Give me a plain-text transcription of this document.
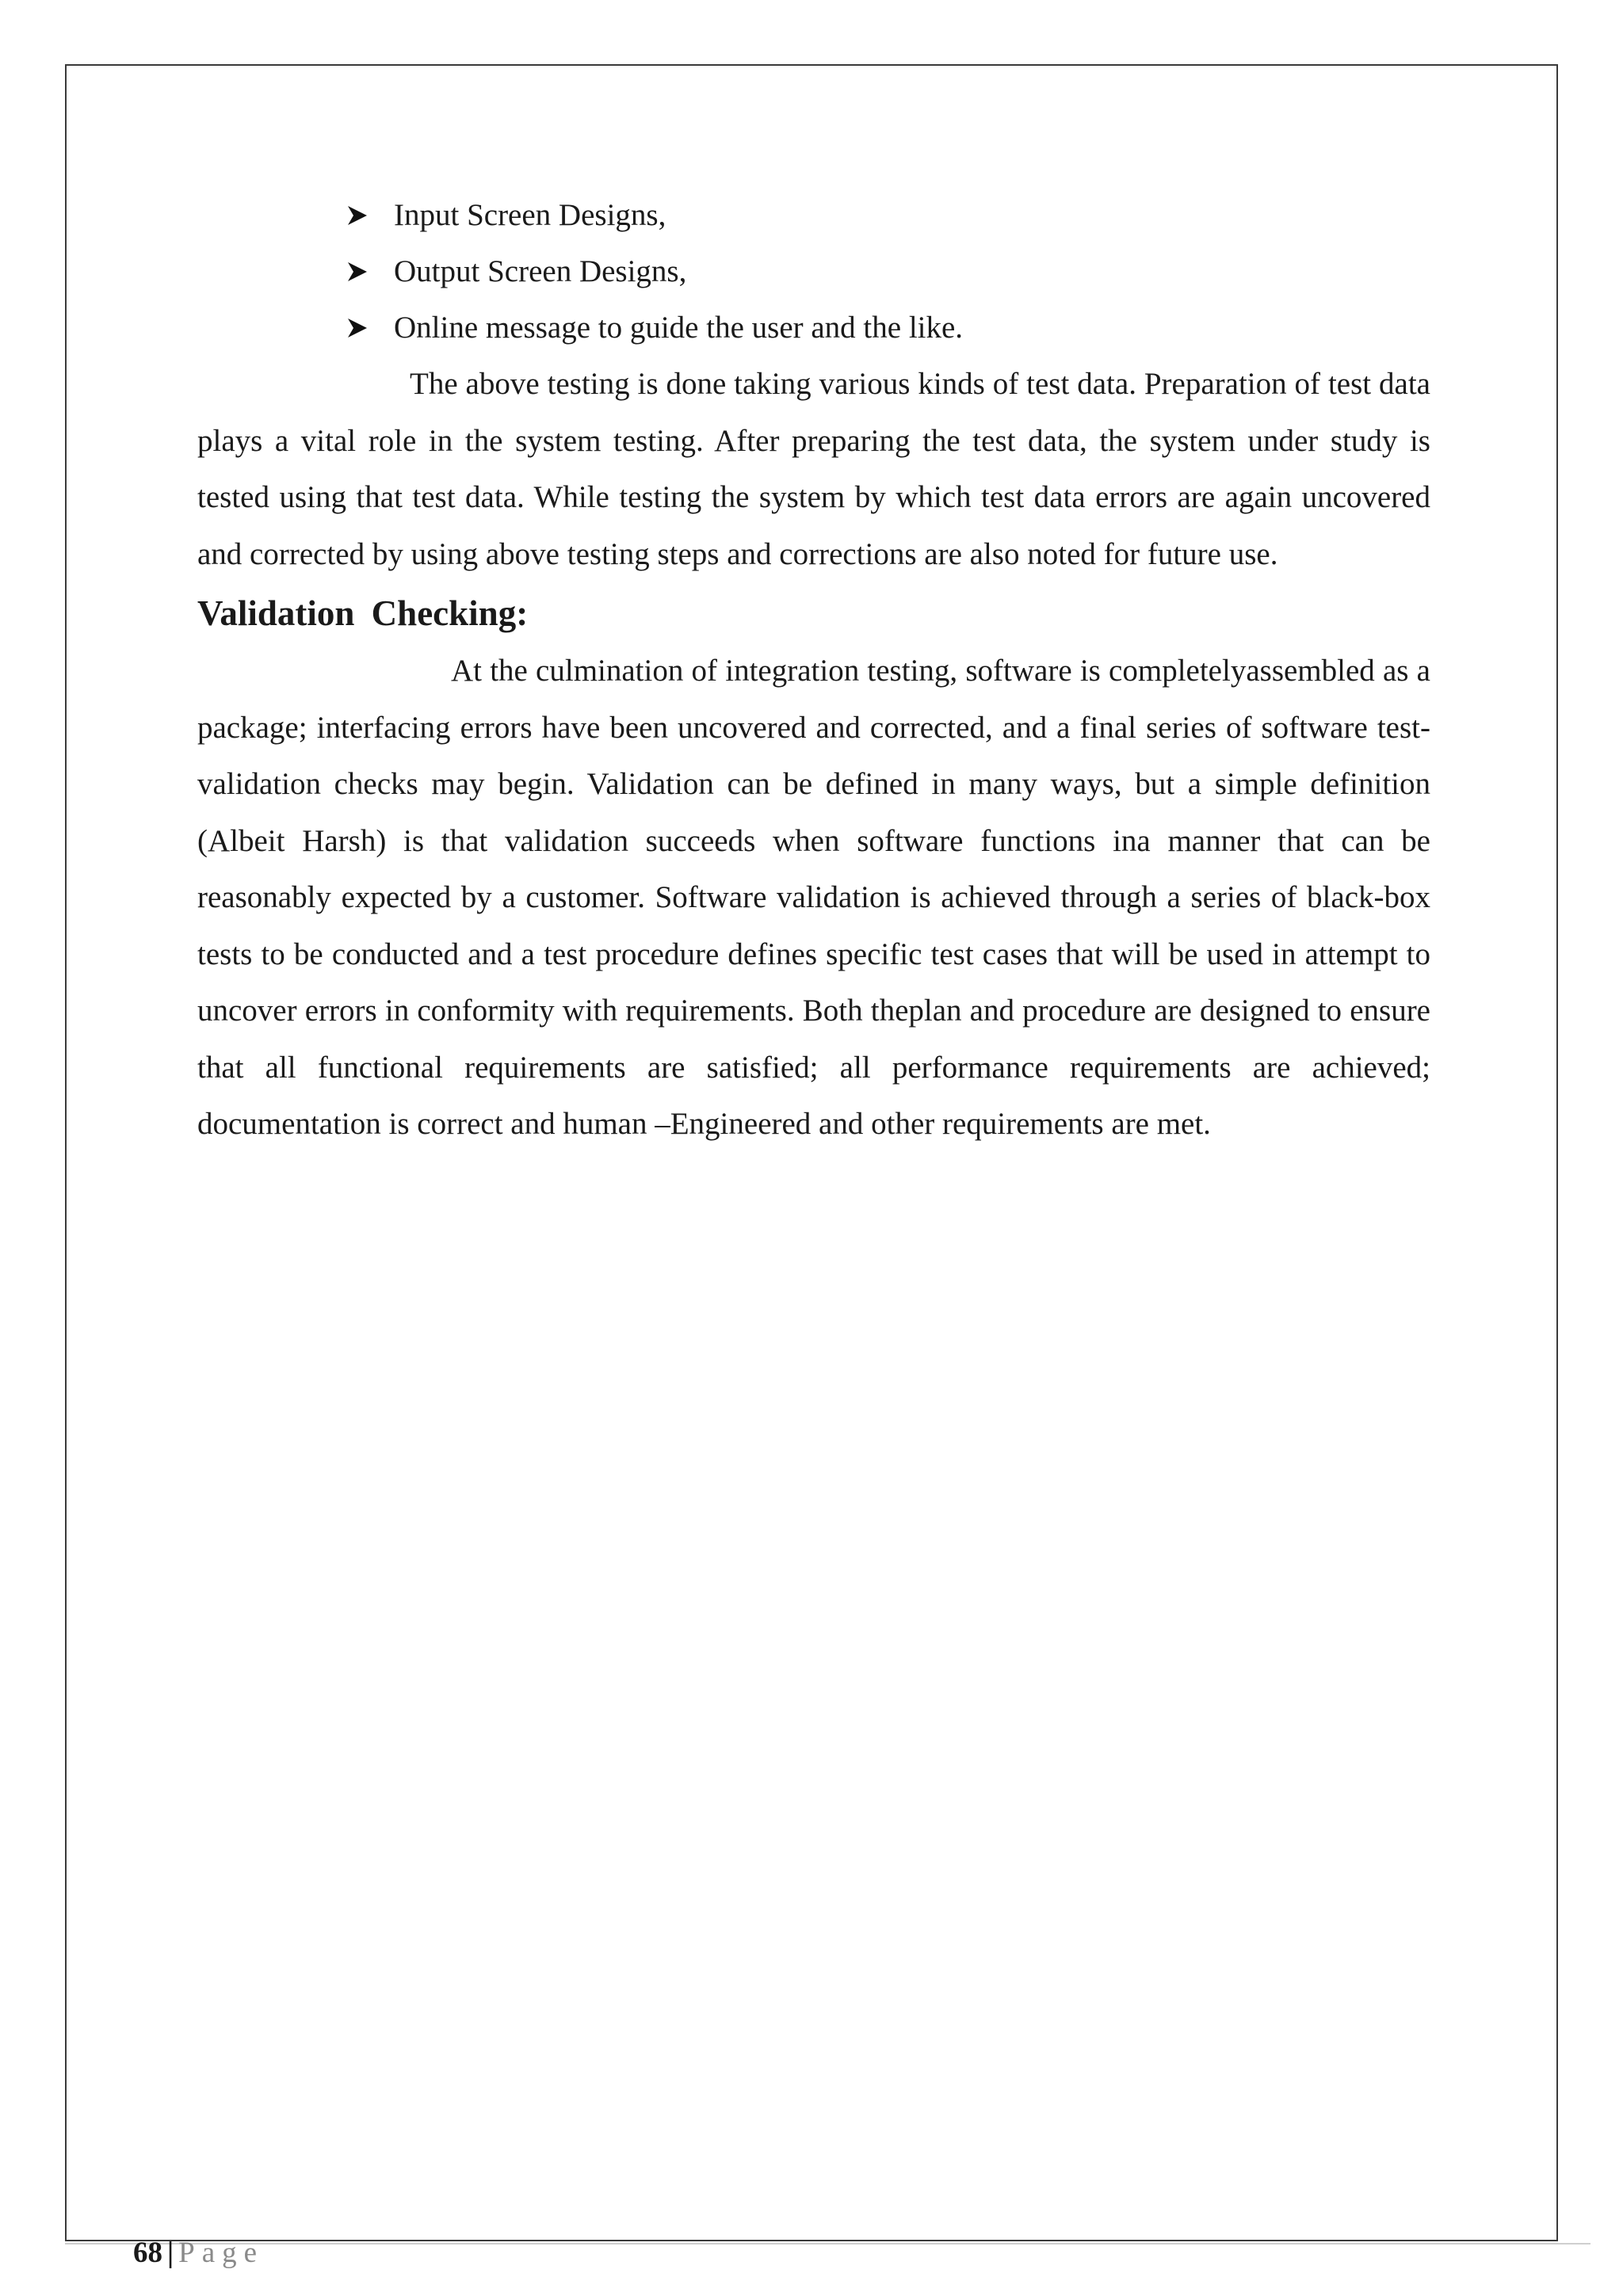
Input Screen Designs,
Output Screen Designs,
Online message to guide the user and the like.

The above testing is done taking various kinds of test data. Preparation of test data plays a vital role in the system testing. After preparing the test data, the system under study is tested using that test data. While testing the system by which test data errors are again uncovered and corrected by using above testing steps and corrections are also noted for future use.

Validation Checking:

At the culmination of integration testing, software is completelyassembled as a package; interfacing errors have been uncovered and corrected, and a final series of software test-validation checks may begin. Validation can be defined in many ways, but a simple definition (Albeit Harsh) is that validation succeeds when software functions ina manner that can be reasonably expected by a customer. Software validation is achieved through a series of black-box tests to be conducted and a test procedure defines specific test cases that will be used in attempt to uncover errors in conformity with requirements. Both theplan and procedure are designed to ensure that all functional requirements are satisfied; all performance requirements are achieved; documentation is correct and human –Engineered and other requirements are met.

68 | Page
